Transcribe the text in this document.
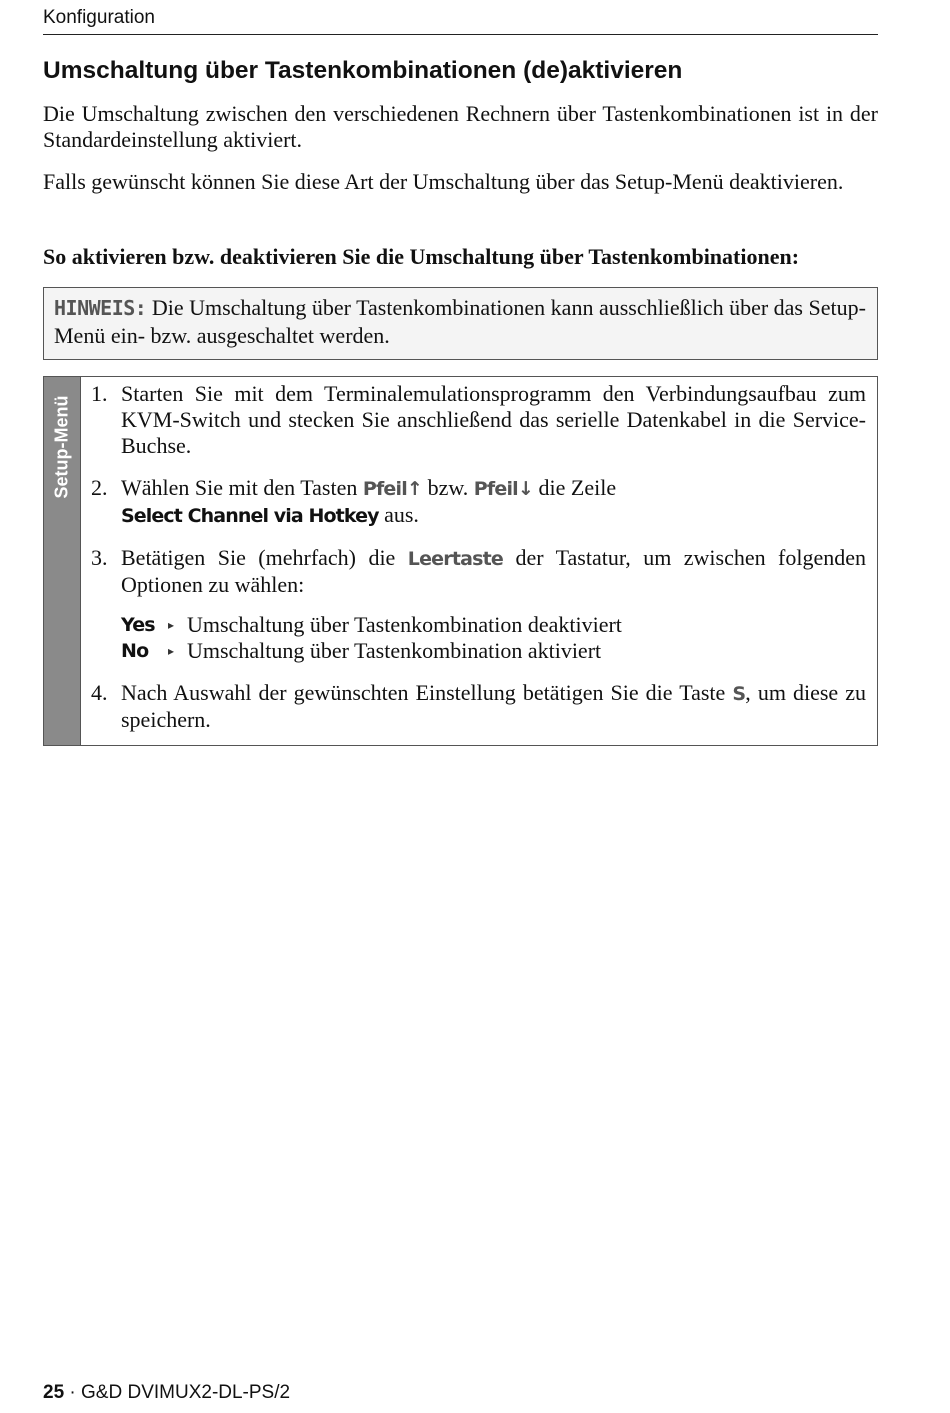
Konfiguration
Umschaltung über Tastenkombinationen (de)aktivieren

Die Umschaltung zwischen den verschiedenen Rechnern über Tastenkombinationen ist in der Standardeinstellung aktiviert.

Falls gewünscht können Sie diese Art der Umschaltung über das Setup-Menü deaktivieren.

So aktivieren bzw. deaktivieren Sie die Umschaltung über Tastenkombinationen:

HINWEIS: Die Umschaltung über Tastenkombinationen kann ausschließlich über das Setup-Menü ein- bzw. ausgeschaltet werden.
Setup-Menü
1. Starten Sie mit dem Terminalemulationsprogramm den Verbindungsaufbau zum KVM-Switch und stecken Sie anschließend das serielle Datenkabel in die Service-Buchse.
2. Wählen Sie mit den Tasten Pfeil↑ bzw. Pfeil↓ die Zeile
Select Channel via Hotkey aus.
3. Betätigen Sie (mehrfach) die Leertaste der Tastatur, um zwischen folgenden Optionen zu wählen:
Yes ▸ Umschaltung über Tastenkombination deaktiviert
No ▸ Umschaltung über Tastenkombination aktiviert
4. Nach Auswahl der gewünschten Einstellung betätigen Sie die Taste S, um diese zu speichern.
25 · G&D DVIMUX2-DL-PS/2
